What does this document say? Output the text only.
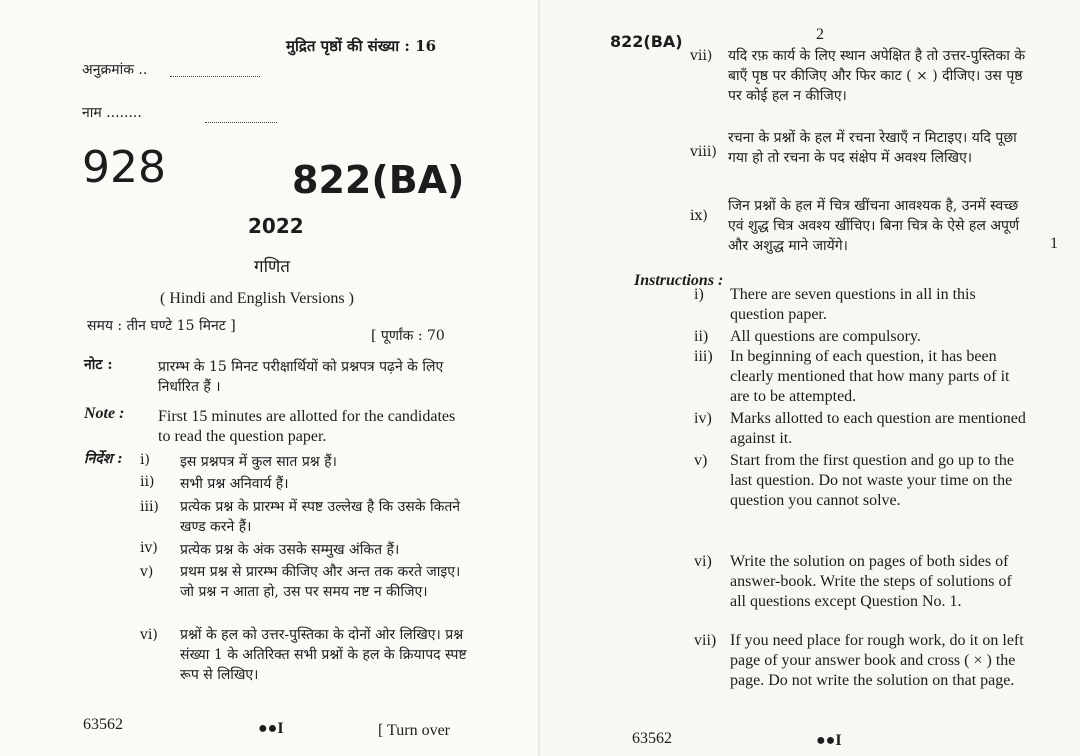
मुद्रित पृष्ठों की संख्या : 16
अनुक्रमांक ..
नाम ........
928	822(BA)
2022
गणित
( Hindi and English Versions )
समय : तीन घण्टे 15 मिनट ]
[ पूर्णांक : 70
नोट :	प्रारम्भ के 15 मिनट परीक्षार्थियों को प्रश्नपत्र पढ़ने के लिए निर्धारित हैं ।
Note : First 15 minutes are allotted for the candidates to read the question paper.
निर्देश : i) इस प्रश्नपत्र में कुल सात प्रश्न हैं।
ii) सभी प्रश्न अनिवार्य हैं।
iii) प्रत्येक प्रश्न के प्रारम्भ में स्पष्ट उल्लेख है कि उसके कितने खण्ड करने हैं।
iv) प्रत्येक प्रश्न के अंक उसके सम्मुख अंकित हैं।
v) प्रथम प्रश्न से प्रारम्भ कीजिए और अन्त तक करते जाइए। जो प्रश्न न आता हो, उस पर समय नष्ट न कीजिए।
vi) प्रश्नों के हल को उत्तर-पुस्तिका के दोनों ओर लिखिए। प्रश्न संख्या 1 के अतिरिक्त सभी प्रश्नों के हल के क्रियापद स्पष्ट रूप से लिखिए।
63562	●●I	[ Turn over
822(BA)	2
vii) यदि रफ़ कार्य के लिए स्थान अपेक्षित है तो उत्तर-पुस्तिका के बाएँ पृष्ठ पर कीजिए और फिर काट ( × ) दीजिए। उस पृष्ठ पर कोई हल न कीजिए।
viii)
रचना के प्रश्नों के हल में रचना रेखाएँ न मिटाइए। यदि पूछा गया हो तो रचना के पद संक्षेप में अवश्य लिखिए।
ix)
जिन प्रश्नों के हल में चित्र खींचना आवश्यक है, उनमें स्वच्छ एवं शुद्ध चित्र अवश्य खींचिए। बिना चित्र के ऐसे हल अपूर्ण और अशुद्ध माने जायेंगे।	1
Instructions :
i) There are seven questions in all in this question paper.
ii) All questions are compulsory.
iii) In beginning of each question, it has been clearly mentioned that how many parts of it are to be attempted.
iv) Marks allotted to each question are mentioned against it.
v) Start from the first question and go up to the last question. Do not waste your time on the question you cannot solve.
vi) Write the solution on pages of both sides of answer-book. Write the steps of solutions of all questions except Question No. 1.
vii) If you need place for rough work, do it on left page of your answer book and cross ( × ) the page. Do not write the solution on that page.
63562	●●I
